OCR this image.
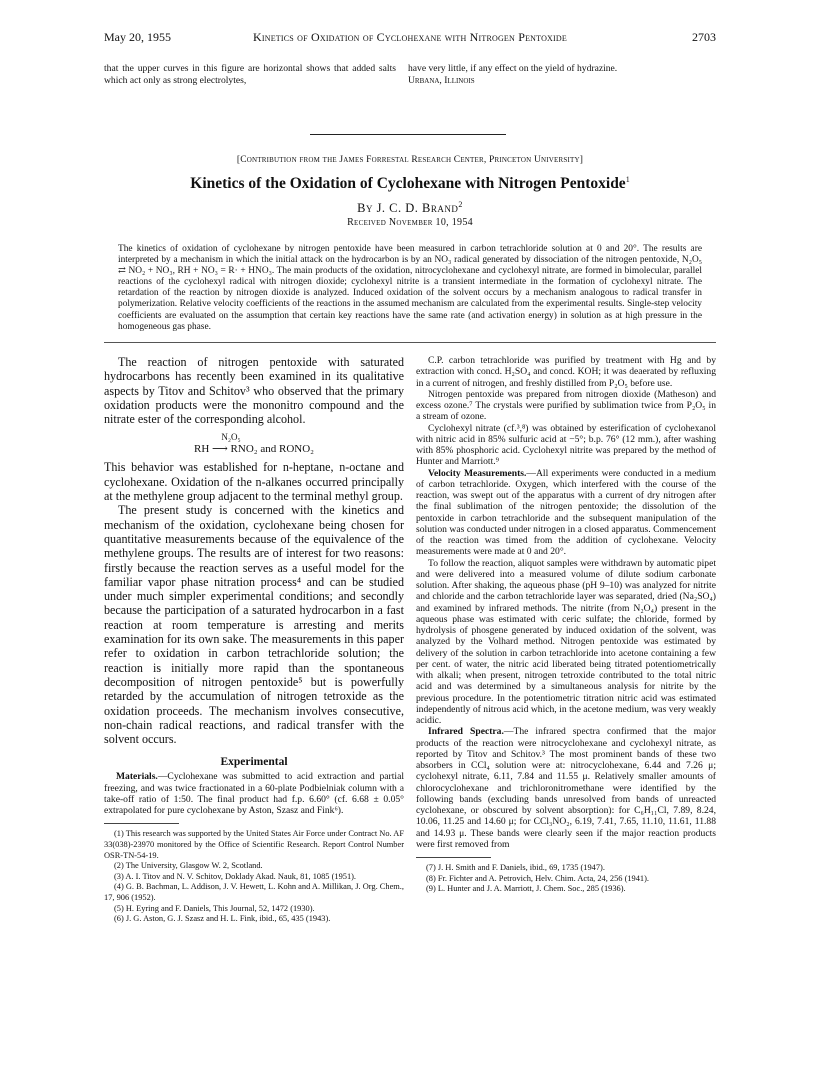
May 20, 1955	Kinetics of Oxidation of Cyclohexane with Nitrogen Pentoxide	2703
that the upper curves in this figure are horizontal shows that added salts which act only as strong electrolytes,
have very little, if any effect on the yield of hydrazine.
Urbana, Illinois
[Contribution from the James Forrestal Research Center, Princeton University]
Kinetics of the Oxidation of Cyclohexane with Nitrogen Pentoxide$^1$
By J. C. D. Brand$^2$
Received November 10, 1954
The kinetics of oxidation of cyclohexane by nitrogen pentoxide have been measured in carbon tetrachloride solution at 0 and 20°. The results are interpreted by a mechanism in which the initial attack on the hydrocarbon is by an NO₃ radical generated by dissociation of the nitrogen pentoxide, N₂O₅ ⇄ NO₂ + NO₃, RH + NO₃ = R· + HNO₃. The main products of the oxidation, nitrocyclohexane and cyclohexyl nitrate, are formed in bimolecular, parallel reactions of the cyclohexyl radical with nitrogen dioxide; cyclohexyl nitrite is a transient intermediate in the formation of cyclohexyl nitrate. The retardation of the reaction by nitrogen dioxide is analyzed. Induced oxidation of the solvent occurs by a mechanism analogous to radical transfer in polymerization. Relative velocity coefficients of the reactions in the assumed mechanism are calculated from the experimental results. Single-step velocity coefficients are evaluated on the assumption that certain key reactions have the same rate (and activation energy) in solution as at high pressure in the homogeneous gas phase.

The reaction of nitrogen pentoxide with saturated hydrocarbons has recently been examined in its qualitative aspects by Titov and Schitov³ who observed that the primary oxidation products were the mononitro compound and the nitrate ester of the corresponding alcohol.

N₂O₅
RH ⟶ RNO₂ and RONO₂

This behavior was established for n-heptane, n-octane and cyclohexane. Oxidation of the n-alkanes occurred principally at the methylene group adjacent to the terminal methyl group.

The present study is concerned with the kinetics and mechanism of the oxidation, cyclohexane being chosen for quantitative measurements because of the equivalence of the methylene groups. The results are of interest for two reasons: firstly because the reaction serves as a useful model for the familiar vapor phase nitration process⁴ and can be studied under much simpler experimental conditions; and secondly because the participation of a saturated hydrocarbon in a fast reaction at room temperature is arresting and merits examination for its own sake. The measurements in this paper refer to oxidation in carbon tetrachloride solution; the reaction is initially more rapid than the spontaneous decomposition of nitrogen pentoxide⁵ but is powerfully retarded by the accumulation of nitrogen tetroxide as the oxidation proceeds. The mechanism involves consecutive, non-chain radical reactions, and radical transfer with the solvent occurs.

Experimental

Materials.—Cyclohexane was submitted to acid extraction and partial freezing, and was twice fractionated in a 60-plate Podbielniak column with a take-off ratio of 1:50. The final product had f.p. 6.60° (cf. 6.68 ± 0.05° extrapolated for pure cyclohexane by Aston, Szasz and Fink⁶).

(1) This research was supported by the United States Air Force under Contract No. AF 33(038)-23970 monitored by the Office of Scientific Research. Report Control Number OSR-TN-54-19.

(2) The University, Glasgow W. 2, Scotland.

(3) A. I. Titov and N. V. Schitov, Doklady Akad. Nauk, 81, 1085 (1951).

(4) G. B. Bachman, L. Addison, J. V. Hewett, L. Kohn and A. Millikan, J. Org. Chem., 17, 906 (1952).

(5) H. Eyring and F. Daniels, This Journal, 52, 1472 (1930).

(6) J. G. Aston, G. J. Szasz and H. L. Fink, ibid., 65, 435 (1943).

C.P. carbon tetrachloride was purified by treatment with Hg and by extraction with concd. H₂SO₄ and concd. KOH; it was deaerated by refluxing in a current of nitrogen, and freshly distilled from P₂O₅ before use.

Nitrogen pentoxide was prepared from nitrogen dioxide (Matheson) and excess ozone.⁷ The crystals were purified by sublimation twice from P₂O₅ in a stream of ozone.

Cyclohexyl nitrate (cf.³,⁸) was obtained by esterification of cyclohexanol with nitric acid in 85% sulfuric acid at −5°; b.p. 76° (12 mm.), after washing with 85% phosphoric acid. Cyclohexyl nitrite was prepared by the method of Hunter and Marriott.⁹

Velocity Measurements.—All experiments were conducted in a medium of carbon tetrachloride. Oxygen, which interfered with the course of the reaction, was swept out of the apparatus with a current of dry nitrogen after the final sublimation of the nitrogen pentoxide; the dissolution of the pentoxide in carbon tetrachloride and the subsequent manipulation of the solution was conducted under nitrogen in a closed apparatus. Commencement of the reaction was timed from the addition of cyclohexane. Velocity measurements were made at 0 and 20°.

To follow the reaction, aliquot samples were withdrawn by automatic pipet and were delivered into a measured volume of dilute sodium carbonate solution. After shaking, the aqueous phase (pH 9–10) was analyzed for nitrite and chloride and the carbon tetrachloride layer was separated, dried (Na₂SO₄) and examined by infrared methods. The nitrite (from N₂O₄) present in the aqueous phase was estimated with ceric sulfate; the chloride, formed by hydrolysis of phosgene generated by induced oxidation of the solvent, was analyzed by the Volhard method. Nitrogen pentoxide was estimated by delivery of the solution in carbon tetrachloride into acetone containing a few per cent. of water, the nitric acid liberated being titrated potentiometrically with alkali; when present, nitrogen tetroxide contributed to the total nitric acid and was determined by a simultaneous analysis for nitrite by the previous procedure. In the potentiometric titration nitric acid was estimated independently of nitrous acid which, in the acetone medium, was very weakly acidic.

Infrared Spectra.—The infrared spectra confirmed that the major products of the reaction were nitrocyclohexane and cyclohexyl nitrate, as reported by Titov and Schitov.³ The most prominent bands of these two absorbers in CCl₄ solution were at: nitrocyclohexane, 6.44 and 7.26 μ; cyclohexyl nitrate, 6.11, 7.84 and 11.55 μ. Relatively smaller amounts of chlorocyclohexane and trichloronitromethane were identified by the following bands (excluding bands unresolved from bands of unreacted cyclohexane, or obscured by solvent absorption): for C₆H₁₁Cl, 7.89, 8.24, 10.06, 11.25 and 14.60 μ; for CCl₃NO₂, 6.19, 7.41, 7.65, 11.10, 11.61, 11.88 and 14.93 μ. These bands were clearly seen if the major reaction products were first removed from

(7) J. H. Smith and F. Daniels, ibid., 69, 1735 (1947).

(8) Fr. Fichter and A. Petrovich, Helv. Chim. Acta, 24, 256 (1941).

(9) L. Hunter and J. A. Marriott, J. Chem. Soc., 285 (1936).
